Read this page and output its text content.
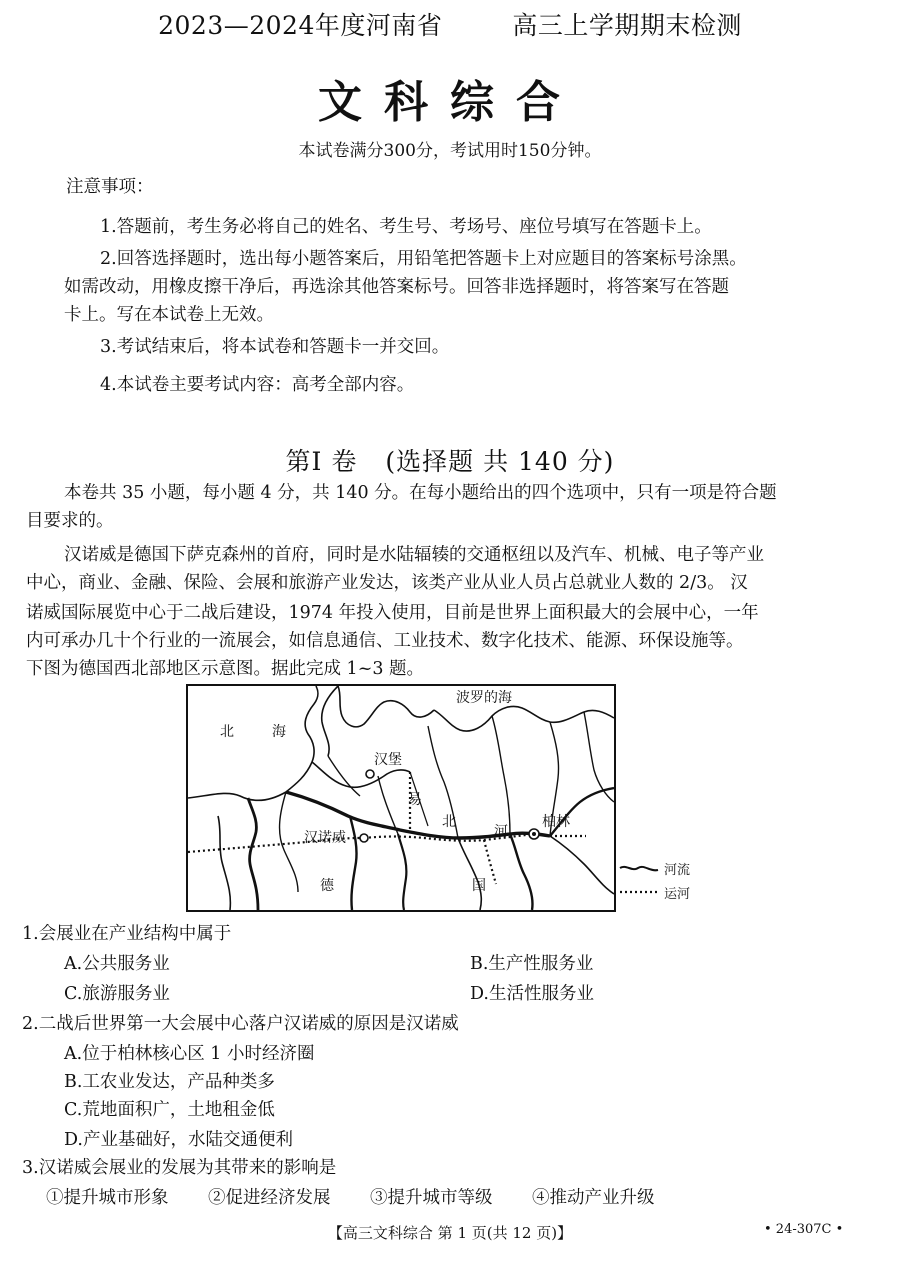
2023—2024年度河南省	高三上学期期末检测
文科综合
本试卷满分300分，考试用时150分钟。
注意事项：
1.答题前，考生务必将自己的姓名、考生号、考场号、座位号填写在答题卡上。
2.回答选择题时，选出每小题答案后，用铅笔把答题卡上对应题目的答案标号涂黑。
如需改动，用橡皮擦干净后，再选涂其他答案标号。回答非选择题时，将答案写在答题
卡上。写在本试卷上无效。
3.考试结束后，将本试卷和答题卡一并交回。
4.本试卷主要考试内容：高考全部内容。
第Ⅰ 卷 (选择题 共 140 分)
本卷共 35 小题，每小题 4 分，共 140 分。在每小题给出的四个选项中，只有一项是符合题
目要求的。
汉诺威是德国下萨克森州的首府，同时是水陆辐辏的交通枢纽以及汽车、机械、电子等产业
中心，商业、金融、保险、会展和旅游产业发达，该类产业从业人员占总就业人数的 2/3。 汉
诺威国际展览中心于二战后建设，1974 年投入使用，目前是世界上面积最大的会展中心，一年
内可承办几十个行业的一流展会，如信息通信、工业技术、数字化技术、能源、环保设施等。
下图为德国西北部地区示意图。据此完成 1~3 题。
北	海
波罗的海
汉堡
易
北
河
柏林
汉诺威
德	国
河流
运河
1.会展业在产业结构中属于
A.公共服务业	B.生产性服务业
C.旅游服务业	D.生活性服务业
2.二战后世界第一大会展中心落户汉诺威的原因是汉诺威
A.位于柏林核心区 1 小时经济圈
B.工农业发达，产品种类多
C.荒地面积广，土地租金低
D.产业基础好，水陆交通便利
3.汉诺威会展业的发展为其带来的影响是
①提升城市形象 ②促进经济发展 ③提升城市等级 ④推动产业升级
【高三文科综合 第 1 页(共 12 页)】	• 24-307C •
